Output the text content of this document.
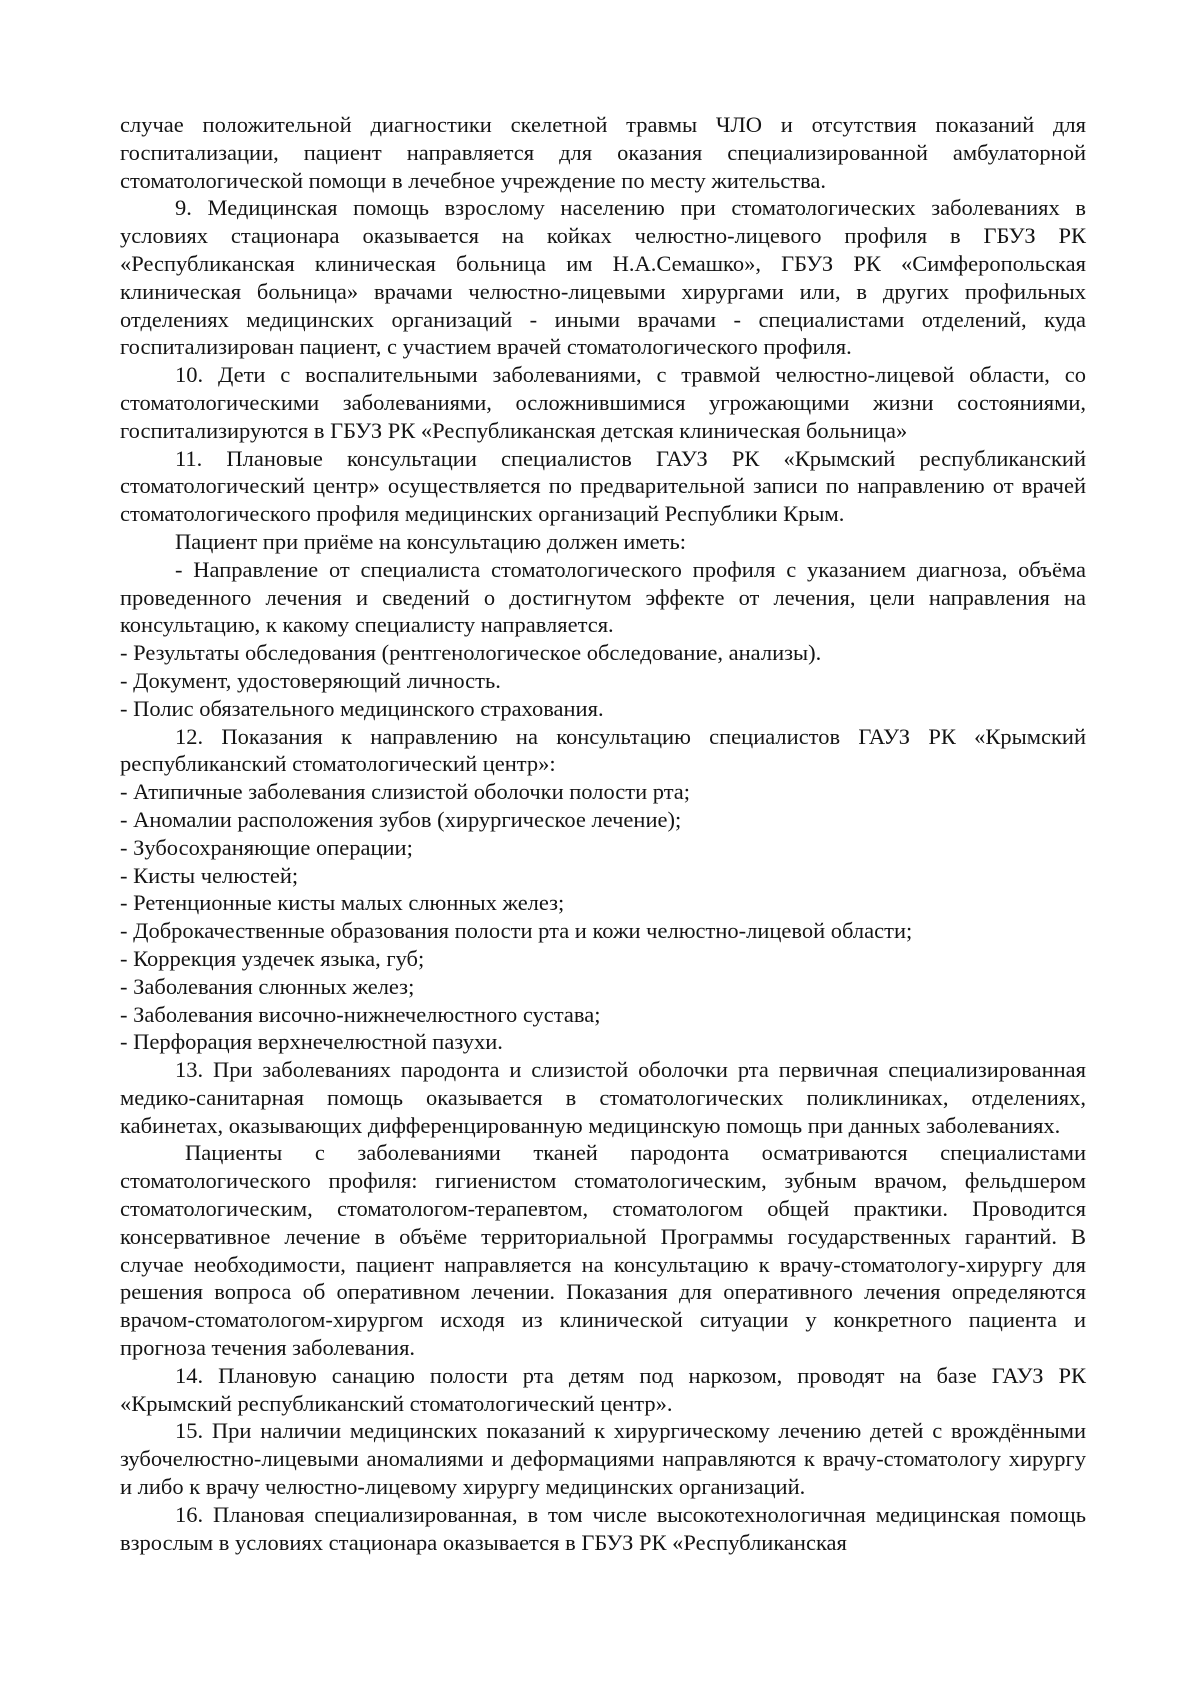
случае положительной диагностики скелетной травмы ЧЛО и отсутствия показаний для госпитализации, пациент направляется для оказания специализированной амбулаторной стоматологической помощи в лечебное учреждение по месту жительства.

9. Медицинская помощь взрослому населению при стоматологических заболеваниях в условиях стационара оказывается на койках челюстно-лицевого профиля в ГБУЗ РК «Республиканская клиническая больница им Н.А.Семашко», ГБУЗ РК «Симферопольская клиническая больница» врачами челюстно-лицевыми хирургами или, в других профильных отделениях медицинских организаций - иными врачами - специалистами отделений, куда госпитализирован пациент, с участием врачей стоматологического профиля.

10. Дети с воспалительными заболеваниями, с травмой челюстно-лицевой области, со стоматологическими заболеваниями, осложнившимися угрожающими жизни состояниями, госпитализируются в ГБУЗ РК «Республиканская детская клиническая больница»

11. Плановые консультации специалистов ГАУЗ РК «Крымский республиканский стоматологический центр» осуществляется по предварительной записи по направлению от врачей стоматологического профиля медицинских организаций Республики Крым.

Пациент при приёме на консультацию должен иметь:

- Направление от специалиста стоматологического профиля с указанием диагноза, объёма проведенного лечения и сведений о достигнутом эффекте от лечения, цели направления на консультацию, к какому специалисту направляется.

- Результаты обследования (рентгенологическое обследование, анализы).

- Документ, удостоверяющий личность.

- Полис обязательного медицинского страхования.

12. Показания к направлению на консультацию специалистов ГАУЗ РК «Крымский республиканский стоматологический центр»:

- Атипичные заболевания слизистой оболочки полости рта;

- Аномалии расположения зубов (хирургическое лечение);

- Зубосохраняющие операции;

- Кисты челюстей;

- Ретенционные кисты малых слюнных желез;

- Доброкачественные образования полости рта и кожи челюстно-лицевой области;

- Коррекция уздечек языка, губ;

- Заболевания слюнных желез;

- Заболевания височно-нижнечелюстного сустава;

- Перфорация верхнечелюстной пазухи.

13. При заболеваниях пародонта и слизистой оболочки рта первичная специализированная медико-санитарная помощь оказывается в стоматологических поликлиниках, отделениях, кабинетах, оказывающих дифференцированную медицинскую помощь при данных заболеваниях.

Пациенты с заболеваниями тканей пародонта осматриваются специалистами стоматологического профиля: гигиенистом стоматологическим, зубным врачом, фельдшером стоматологическим, стоматологом-терапевтом, стоматологом общей практики. Проводится консервативное лечение в объёме территориальной Программы государственных гарантий. В случае необходимости, пациент направляется на консультацию к врачу-стоматологу-хирургу для решения вопроса об оперативном лечении. Показания для оперативного лечения определяются врачом-стоматологом-хирургом исходя из клинической ситуации у конкретного пациента и прогноза течения заболевания.

14. Плановую санацию полости рта детям под наркозом, проводят на базе ГАУЗ РК «Крымский республиканский стоматологический центр».

15. При наличии медицинских показаний к хирургическому лечению детей с врождёнными зубочелюстно-лицевыми аномалиями и деформациями направляются к врачу-стоматологу хирургу и либо к врачу челюстно-лицевому хирургу медицинских организаций.

16. Плановая специализированная, в том числе высокотехнологичная медицинская помощь взрослым в условиях стационара оказывается в ГБУЗ РК «Республиканская
